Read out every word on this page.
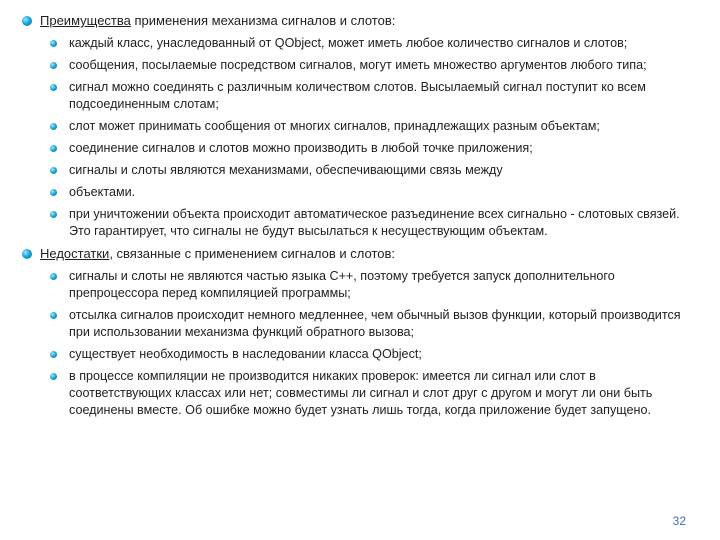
Преимущества применения механизма сигналов и слотов:
каждый класс, унаследованный от QObject, может иметь любое количество сигналов и слотов;
сообщения, посылаемые посредством сигналов, могут иметь множество аргументов любого типа;
сигнал можно соединять с различным количеством слотов. Высылаемый сигнал поступит ко всем подсоединенным слотам;
слот может принимать сообщения от многих сигналов, принадлежащих разным объектам;
соединение сигналов и слотов можно производить в любой точке приложения;
сигналы и слоты являются механизмами, обеспечивающими связь между
объектами.
при уничтожении объекта происходит автоматическое разъединение всех сигнально - слотовых связей. Это гарантирует, что сигналы не будут высылаться к несуществующим объектам.
Недостатки, связанные с применением сигналов и слотов:
сигналы и слоты не являются частью языка С++, поэтому требуется запуск дополнительного препроцессора перед компиляцией программы;
отсылка сигналов происходит немного медленнее, чем обычный вызов функции, который производится при использовании механизма функций обратного вызова;
существует необходимость в наследовании класса QObject;
в процессе компиляции не производится никаких проверок: имеется ли сигнал или слот в соответствующих классах или нет; совместимы ли сигнал и слот друг с другом и могут ли они быть соединены вместе. Об ошибке можно будет узнать лишь тогда, когда приложение будет запущено.
32
